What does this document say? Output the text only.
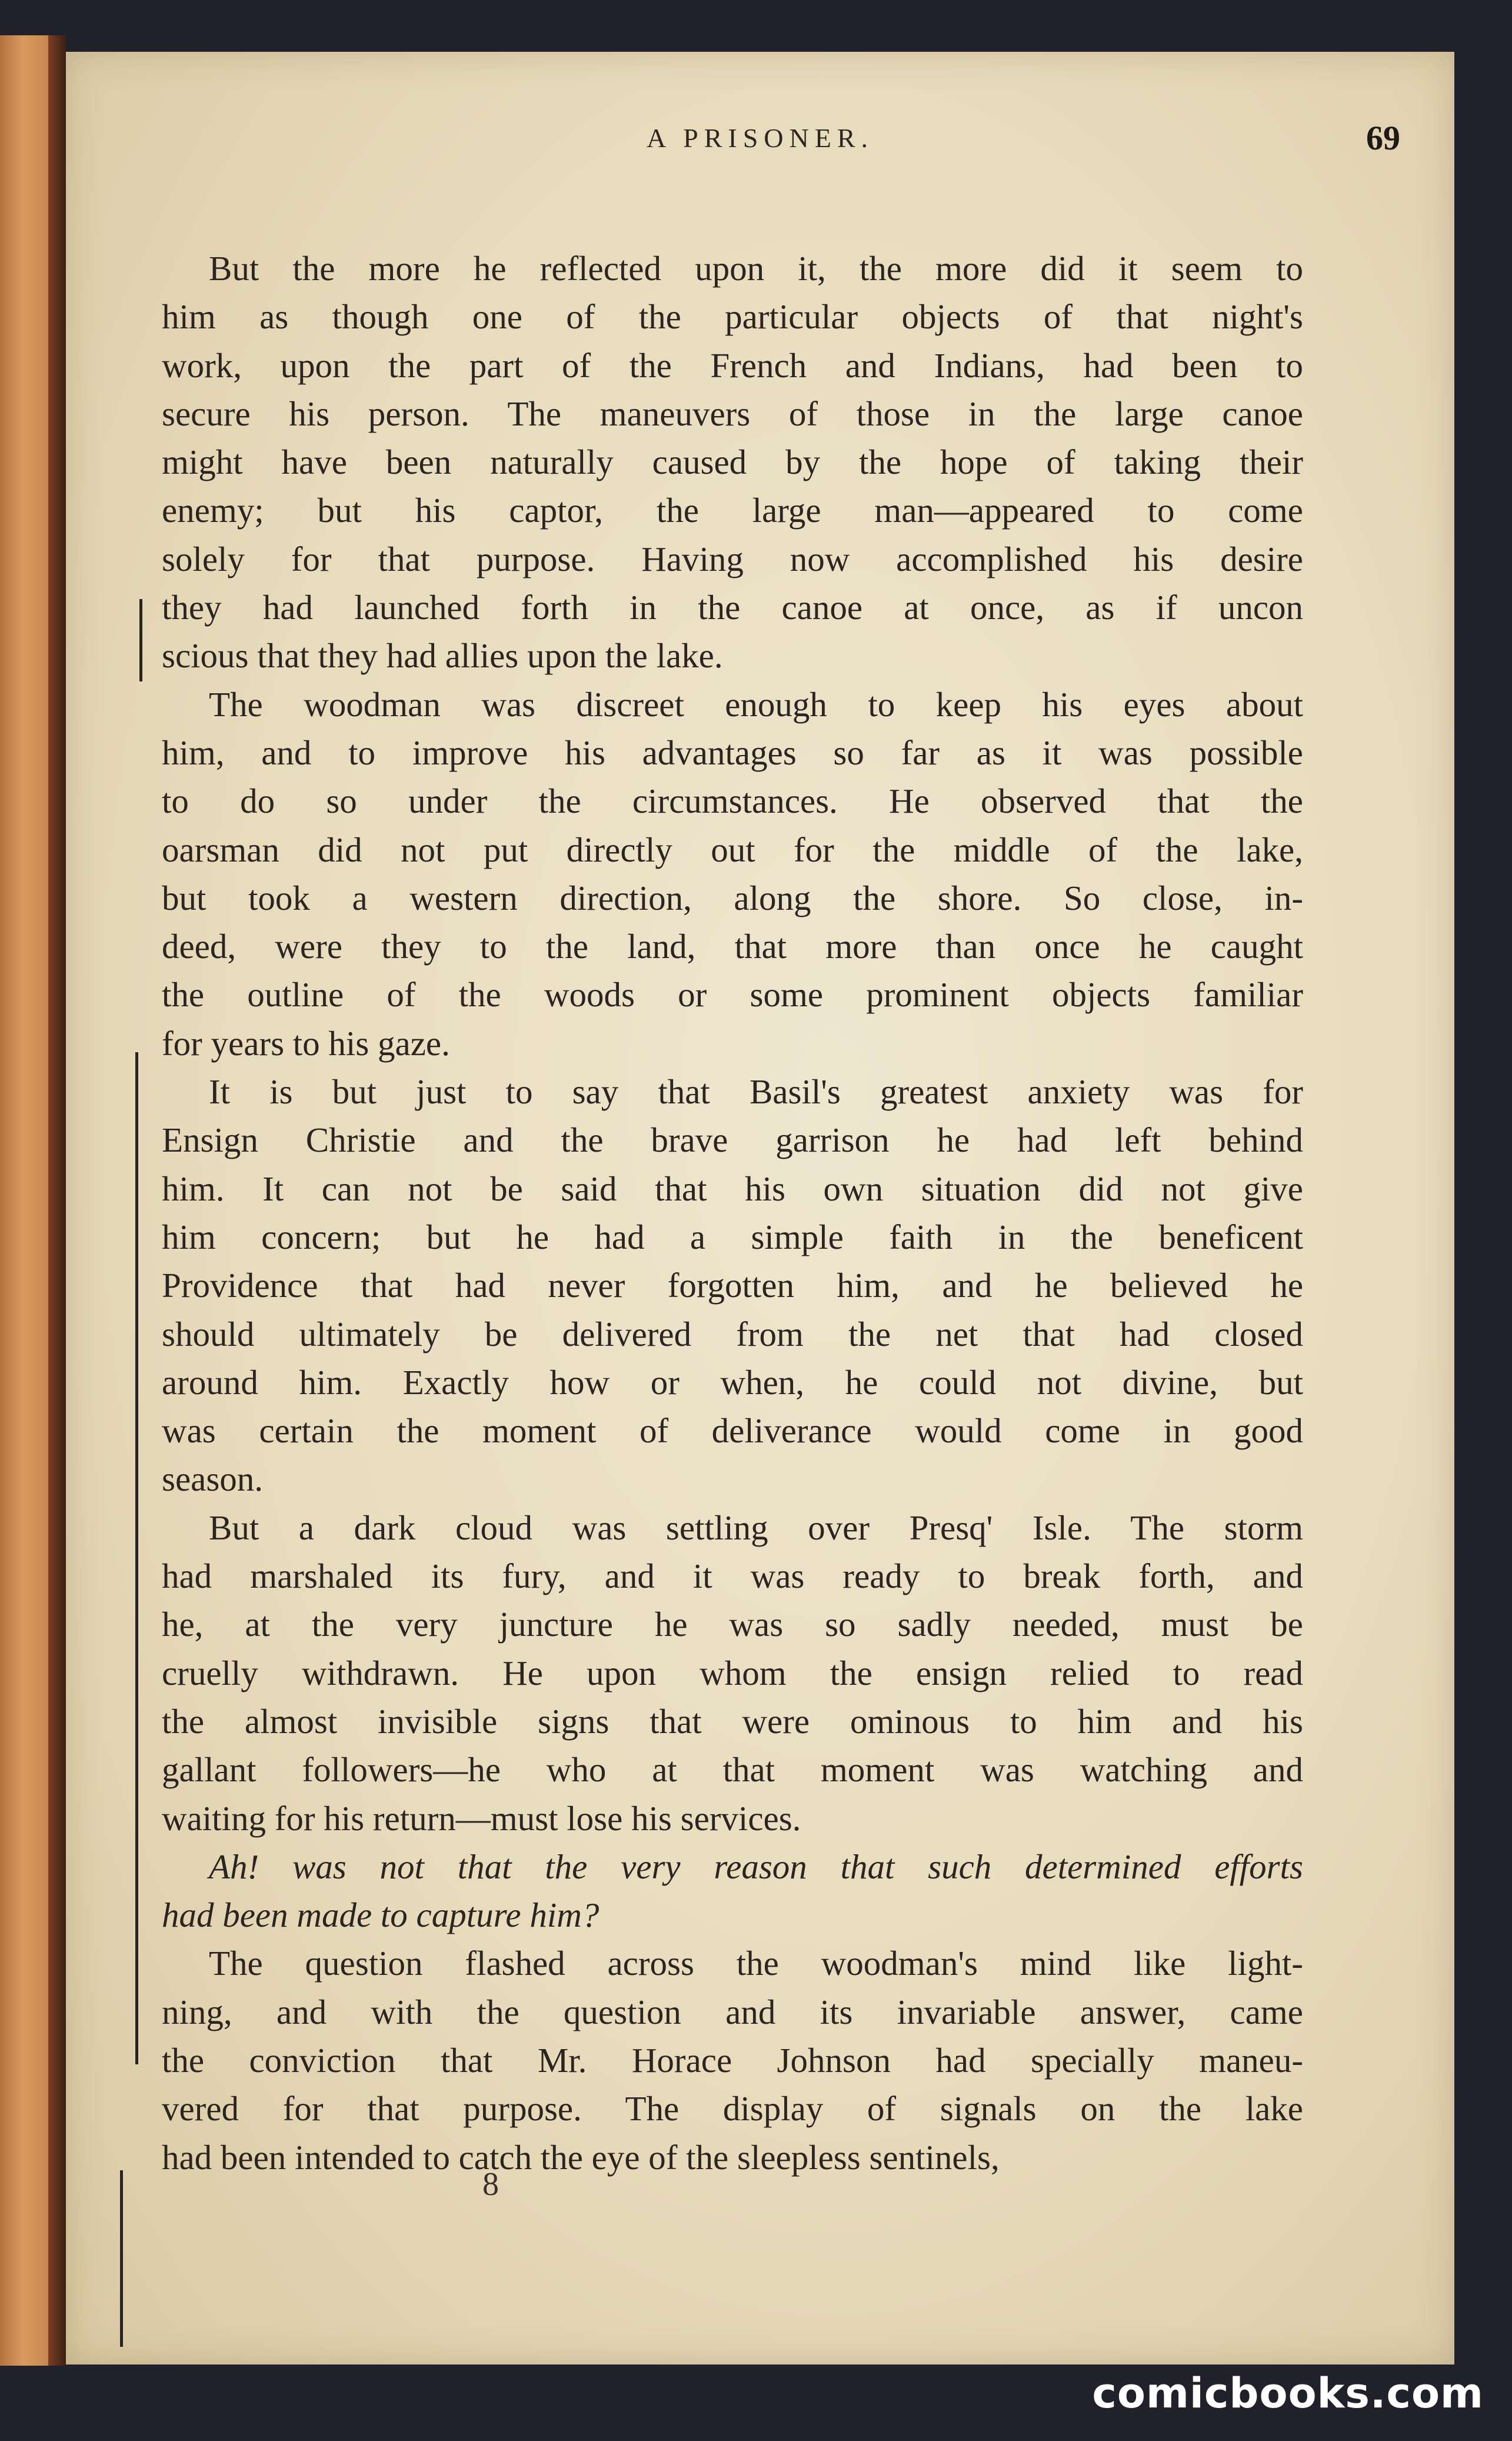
A PRISONER.	69
But the more he reflected upon it, the more did it seem to
him as though one of the particular objects of that night's
work, upon the part of the French and Indians, had been to
secure his person. The maneuvers of those in the large canoe
might have been naturally caused by the hope of taking their
enemy; but his captor, the large man—appeared to come
solely for that purpose. Having now accomplished his desire
they had launched forth in the canoe at once, as if uncon
scious that they had allies upon the lake.
The woodman was discreet enough to keep his eyes about
him, and to improve his advantages so far as it was possible
to do so under the circumstances. He observed that the
oarsman did not put directly out for the middle of the lake,
but took a western direction, along the shore. So close, in-
deed, were they to the land, that more than once he caught
the outline of the woods or some prominent objects familiar
for years to his gaze.
It is but just to say that Basil's greatest anxiety was for
Ensign Christie and the brave garrison he had left behind
him. It can not be said that his own situation did not give
him concern; but he had a simple faith in the beneficent
Providence that had never forgotten him, and he believed he
should ultimately be delivered from the net that had closed
around him. Exactly how or when, he could not divine, but
was certain the moment of deliverance would come in good
season.
But a dark cloud was settling over Presq' Isle. The storm
had marshaled its fury, and it was ready to break forth, and
he, at the very juncture he was so sadly needed, must be
cruelly withdrawn. He upon whom the ensign relied to read
the almost invisible signs that were ominous to him and his
gallant followers—he who at that moment was watching and
waiting for his return—must lose his services.
Ah! was not that the very reason that such determined efforts
had been made to capture him?
The question flashed across the woodman's mind like light-
ning, and with the question and its invariable answer, came
the conviction that Mr. Horace Johnson had specially maneu-
vered for that purpose. The display of signals on the lake
had been intended to catch the eye of the sleepless sentinels,
8
comicbooks.com
